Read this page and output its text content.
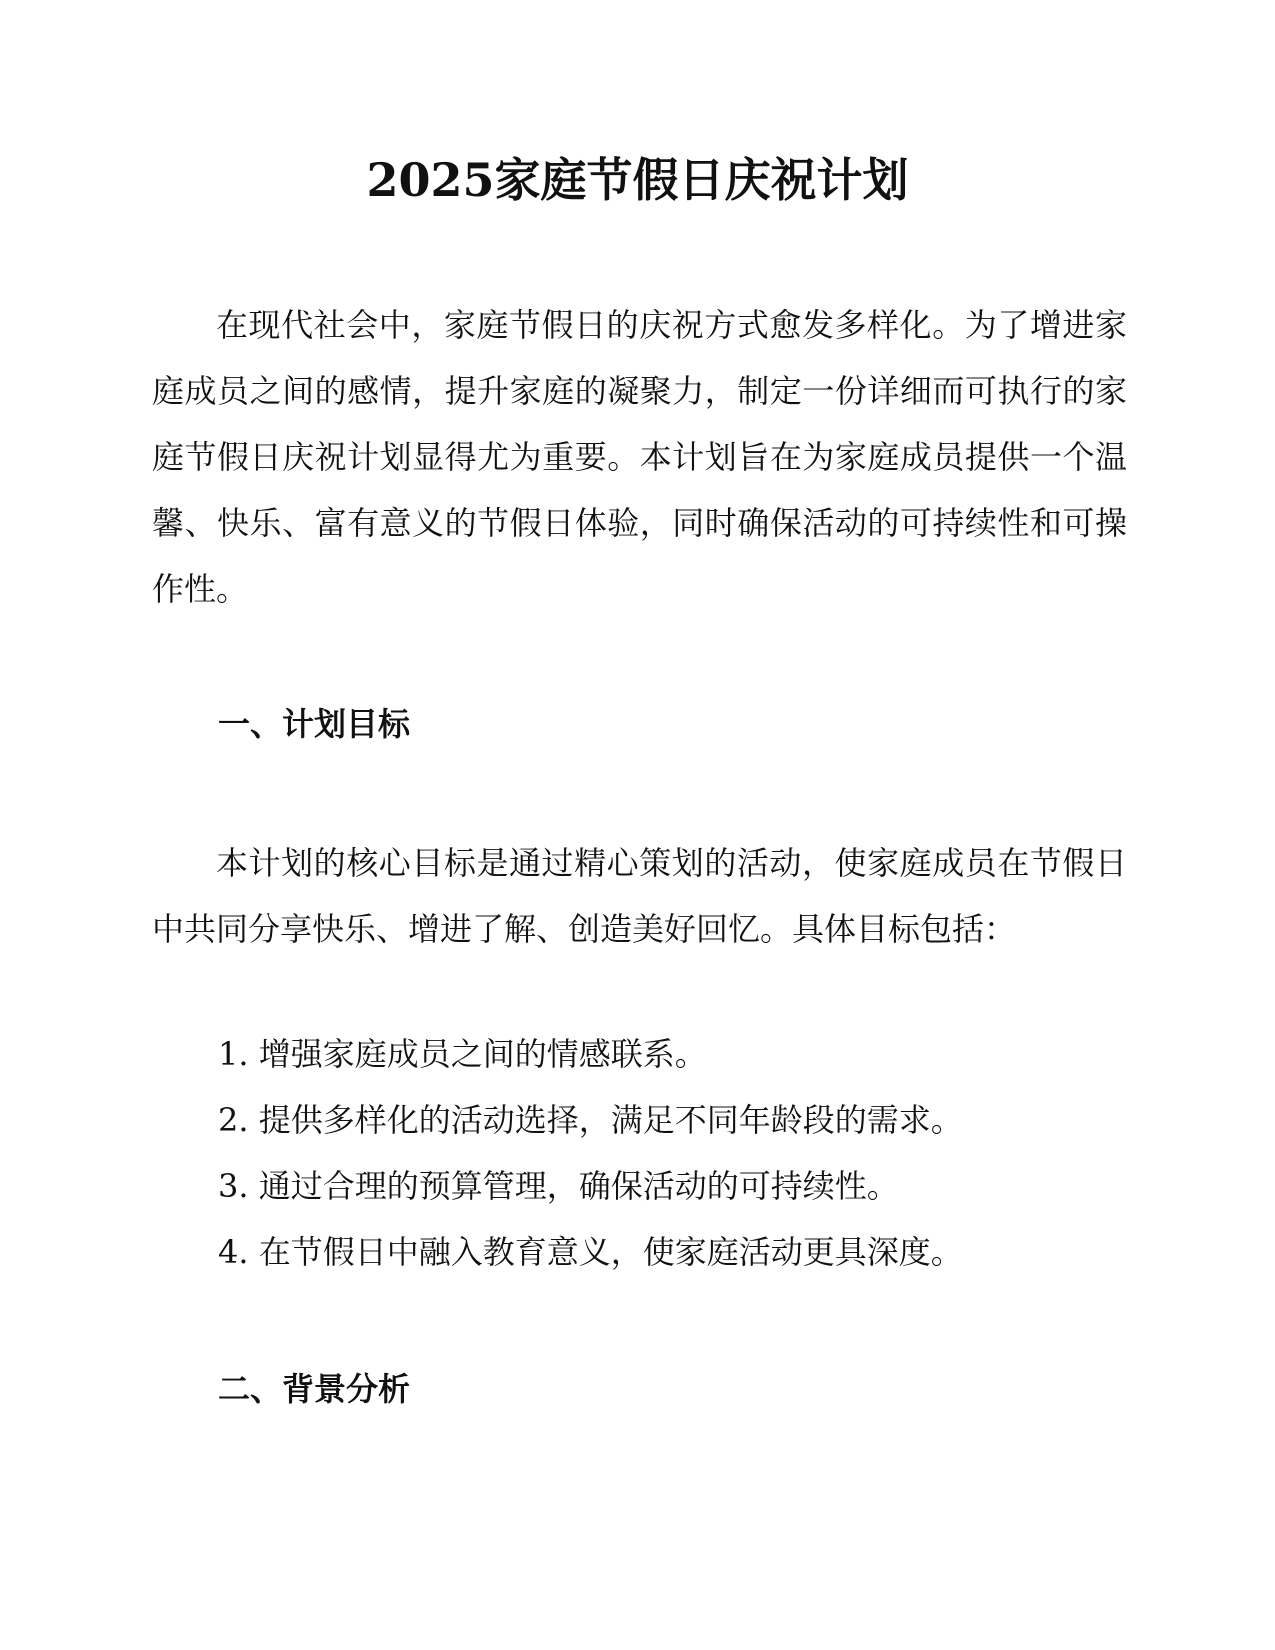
2025家庭节假日庆祝计划

在现代社会中，家庭节假日的庆祝方式愈发多样化。为了增进家庭成员之间的感情，提升家庭的凝聚力，制定一份详细而可执行的家庭节假日庆祝计划显得尤为重要。本计划旨在为家庭成员提供一个温馨、快乐、富有意义的节假日体验，同时确保活动的可持续性和可操作性。

一、计划目标

本计划的核心目标是通过精心策划的活动，使家庭成员在节假日中共同分享快乐、增进了解、创造美好回忆。具体目标包括：

1. 增强家庭成员之间的情感联系。
2. 提供多样化的活动选择，满足不同年龄段的需求。
3. 通过合理的预算管理，确保活动的可持续性。
4. 在节假日中融入教育意义，使家庭活动更具深度。
二、背景分析
